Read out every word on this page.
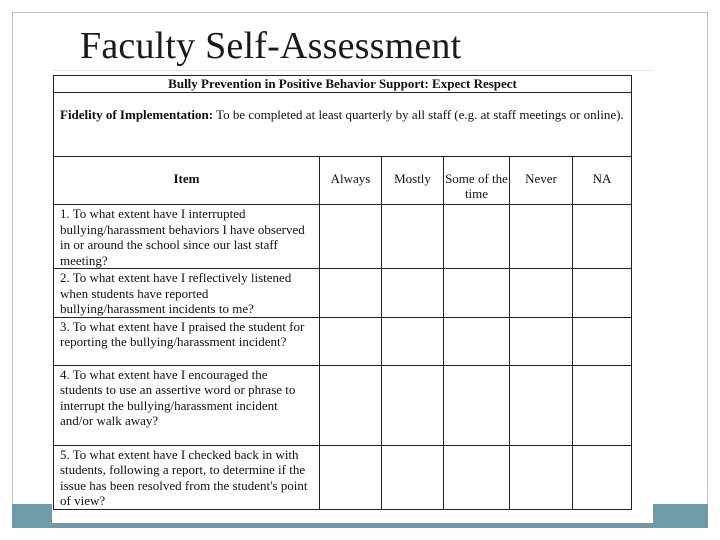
Faculty Self-Assessment
Bully Prevention in Positive Behavior Support: Expect Respect					
Fidelity of Implementation: To be completed at least quarterly by all staff (e.g. at staff meetings or online).					
Item	Always	Mostly	Some of the time	Never	NA
1. To what extent have I interrupted bullying/harassment behaviors I have observed in or around the school since our last staff meeting?					
2. To what extent have I reflectively listened when students have reported bullying/harassment incidents to me?					
3. To what extent have I praised the student for reporting the bullying/harassment incident?					
4. To what extent have I encouraged the students to use an assertive word or phrase to interrupt the bullying/harassment incident and/or walk away?					
5. To what extent have I checked back in with students, following a report, to determine if the issue has been resolved from the student's point of view?					
